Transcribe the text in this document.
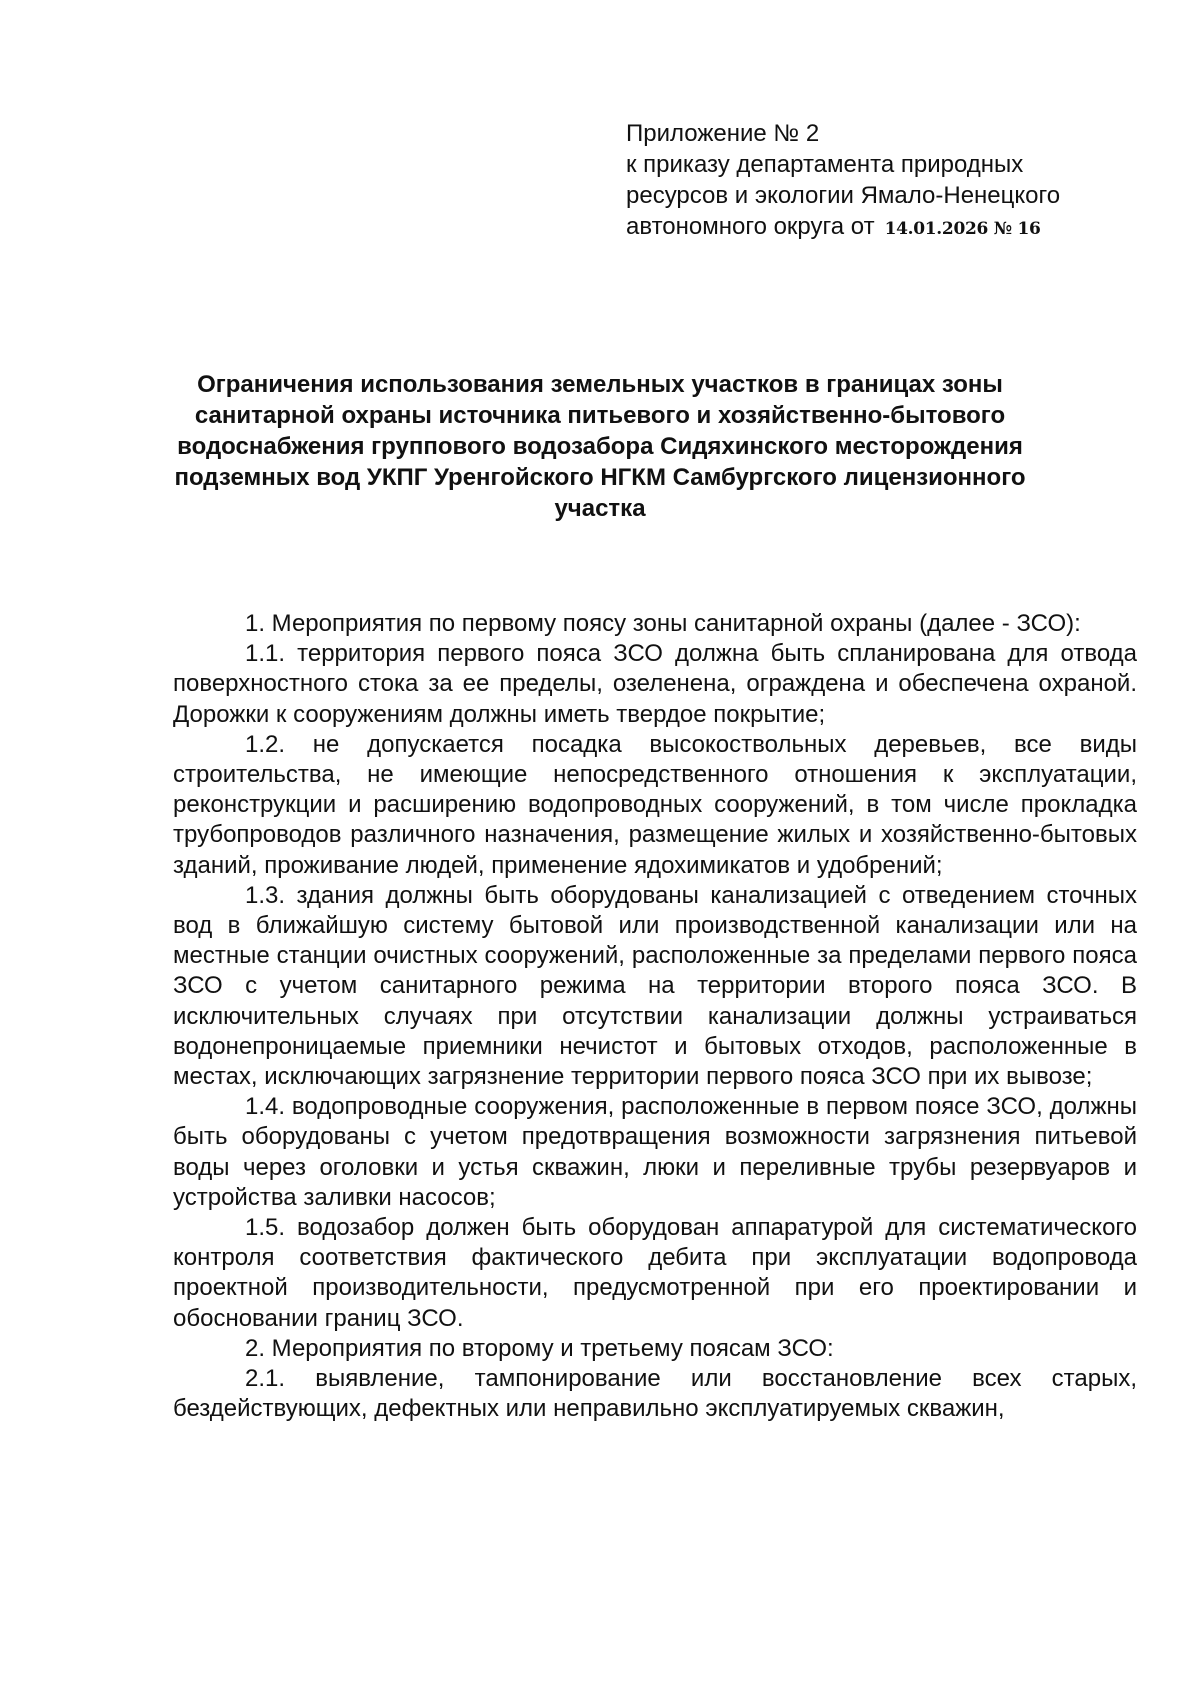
Приложение № 2
к приказу департамента природных
ресурсов и экологии Ямало-Ненецкого
автономного округа от 14.01.2026 № 16
Ограничения использования земельных участков в границах зоны
санитарной охраны источника питьевого и хозяйственно-бытового
водоснабжения группового водозабора Сидяхинского месторождения
подземных вод УКПГ Уренгойского НГКМ Самбургского лицензионного
участка

1. Мероприятия по первому поясу зоны санитарной охраны (далее - ЗСО):

1.1. территория первого пояса ЗСО должна быть спланирована для отвода поверхностного стока за ее пределы, озеленена, ограждена и обеспечена охраной. Дорожки к сооружениям должны иметь твердое покрытие;

1.2. не допускается посадка высокоствольных деревьев, все виды строительства, не имеющие непосредственного отношения к эксплуатации, реконструкции и расширению водопроводных сооружений, в том числе прокладка трубопроводов различного назначения, размещение жилых и хозяйственно-бытовых зданий, проживание людей, применение ядохимикатов и удобрений;

1.3. здания должны быть оборудованы канализацией с отведением сточных вод в ближайшую систему бытовой или производственной канализации или на местные станции очистных сооружений, расположенные за пределами первого пояса ЗСО с учетом санитарного режима на территории второго пояса ЗСО. В исключительных случаях при отсутствии канализации должны устраиваться водонепроницаемые приемники нечистот и бытовых отходов, расположенные в местах, исключающих загрязнение территории первого пояса ЗСО при их вывозе;

1.4. водопроводные сооружения, расположенные в первом поясе ЗСО, должны быть оборудованы с учетом предотвращения возможности загрязнения питьевой воды через оголовки и устья скважин, люки и переливные трубы резервуаров и устройства заливки насосов;

1.5. водозабор должен быть оборудован аппаратурой для систематического контроля соответствия фактического дебита при эксплуатации водопровода проектной производительности, предусмотренной при его проектировании и обосновании границ ЗСО.

2. Мероприятия по второму и третьему поясам ЗСО:

2.1. выявление, тампонирование или восстановление всех старых, бездействующих, дефектных или неправильно эксплуатируемых скважин,
